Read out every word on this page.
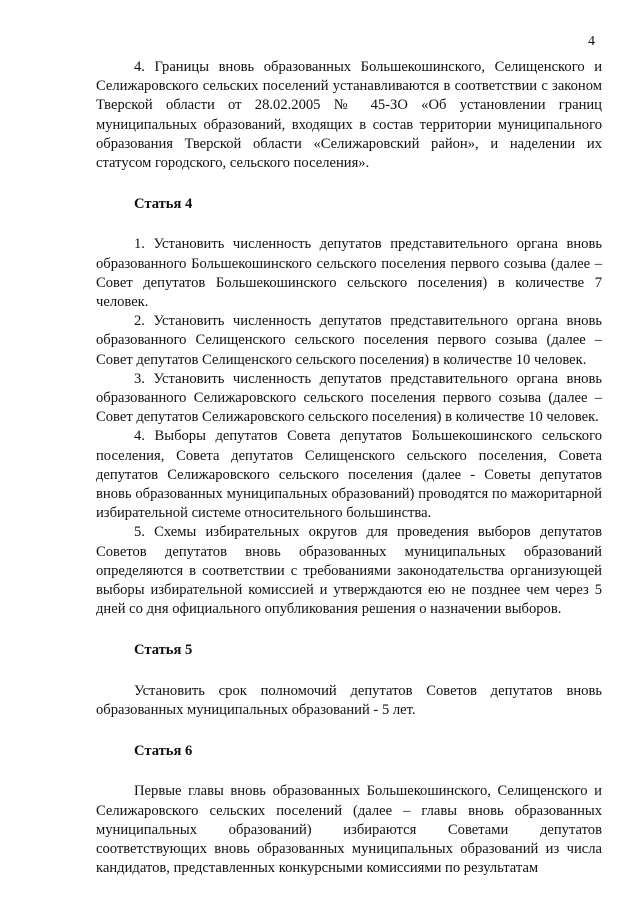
4

4. Границы вновь образованных Большекошинского, Селищенского и Селижаровского сельских поселений устанавливаются в соответствии с законом Тверской области от 28.02.2005 № 45-ЗО «Об установлении границ муниципальных образований, входящих в состав территории муниципального образования Тверской области «Селижаровский район», и наделении их статусом городского, сельского поселения».

Статья 4

1. Установить численность депутатов представительного органа вновь образованного Большекошинского сельского поселения первого созыва (далее – Совет депутатов Большекошинского сельского поселения) в количестве 7 человек.

2. Установить численность депутатов представительного органа вновь образованного Селищенского сельского поселения первого созыва (далее – Совет депутатов Селищенского сельского поселения) в количестве 10 человек.

3. Установить численность депутатов представительного органа вновь образованного Селижаровского сельского поселения первого созыва (далее – Совет депутатов Селижаровского сельского поселения) в количестве 10 человек.

4. Выборы депутатов Совета депутатов Большекошинского сельского поселения, Совета депутатов Селищенского сельского поселения, Совета депутатов Селижаровского сельского поселения (далее - Советы депутатов вновь образованных муниципальных образований) проводятся по мажоритарной избирательной системе относительного большинства.

5. Схемы избирательных округов для проведения выборов депутатов Советов депутатов вновь образованных муниципальных образований определяются в соответствии с требованиями законодательства организующей выборы избирательной комиссией и утверждаются ею не позднее чем через 5 дней со дня официального опубликования решения о назначении выборов.

Статья 5

Установить срок полномочий депутатов Советов депутатов вновь образованных муниципальных образований - 5 лет.

Статья 6

Первые главы вновь образованных Большекошинского, Селищенского и Селижаровского сельских поселений (далее – главы вновь образованных муниципальных образований) избираются Советами депутатов соответствующих вновь образованных муниципальных образований из числа кандидатов, представленных конкурсными комиссиями по результатам
